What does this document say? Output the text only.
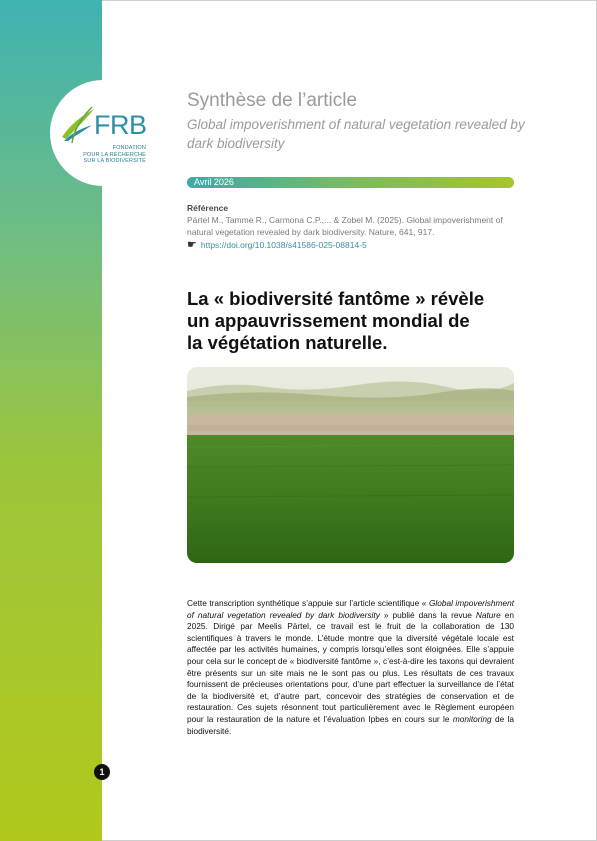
FRB
FONDATION
POUR LA RECHERCHE
SUR LA BIODIVERSITÉ
Synthèse de l’article
Global impoverishment of natural vegetation revealed by dark biodiversity
Avril 2026
Référence
Pärtel M., Tamme R., Carmona C.P.,... & Zobel M. (2025). Global impoverishment of natural vegetation revealed by dark biodiversity. Nature, 641, 917.
☛ https://doi.org/10.1038/s41586-025-08814-5
La « biodiversité fantôme » révèle un appauvrissement mondial de la végétation naturelle.
Cette transcription synthétique s’appuie sur l’article scientifique « Global impoverishment of natural vegetation revealed by dark biodiversity » publié dans la revue Nature en 2025. Dirigé par Meelis Pärtel, ce travail est le fruit de la collaboration de 130 scientifiques à travers le monde. L’étude montre que la diversité végétale locale est affectée par les activités humaines, y compris lorsqu’elles sont éloignées. Elle s’appuie pour cela sur le concept de « biodiversité fantôme », c’est-à-dire les taxons qui devraient être présents sur un site mais ne le sont pas ou plus. Les résultats de ces travaux fournissent de précieuses orientations pour, d’une part effectuer la surveillance de l’état de la biodiversité et, d’autre part, concevoir des stratégies de conservation et de restauration. Ces sujets résonnent tout particulièrement avec le Règlement européen pour la restauration de la nature et l’évaluation Ipbes en cours sur le monitoring de la biodiversité.
1
